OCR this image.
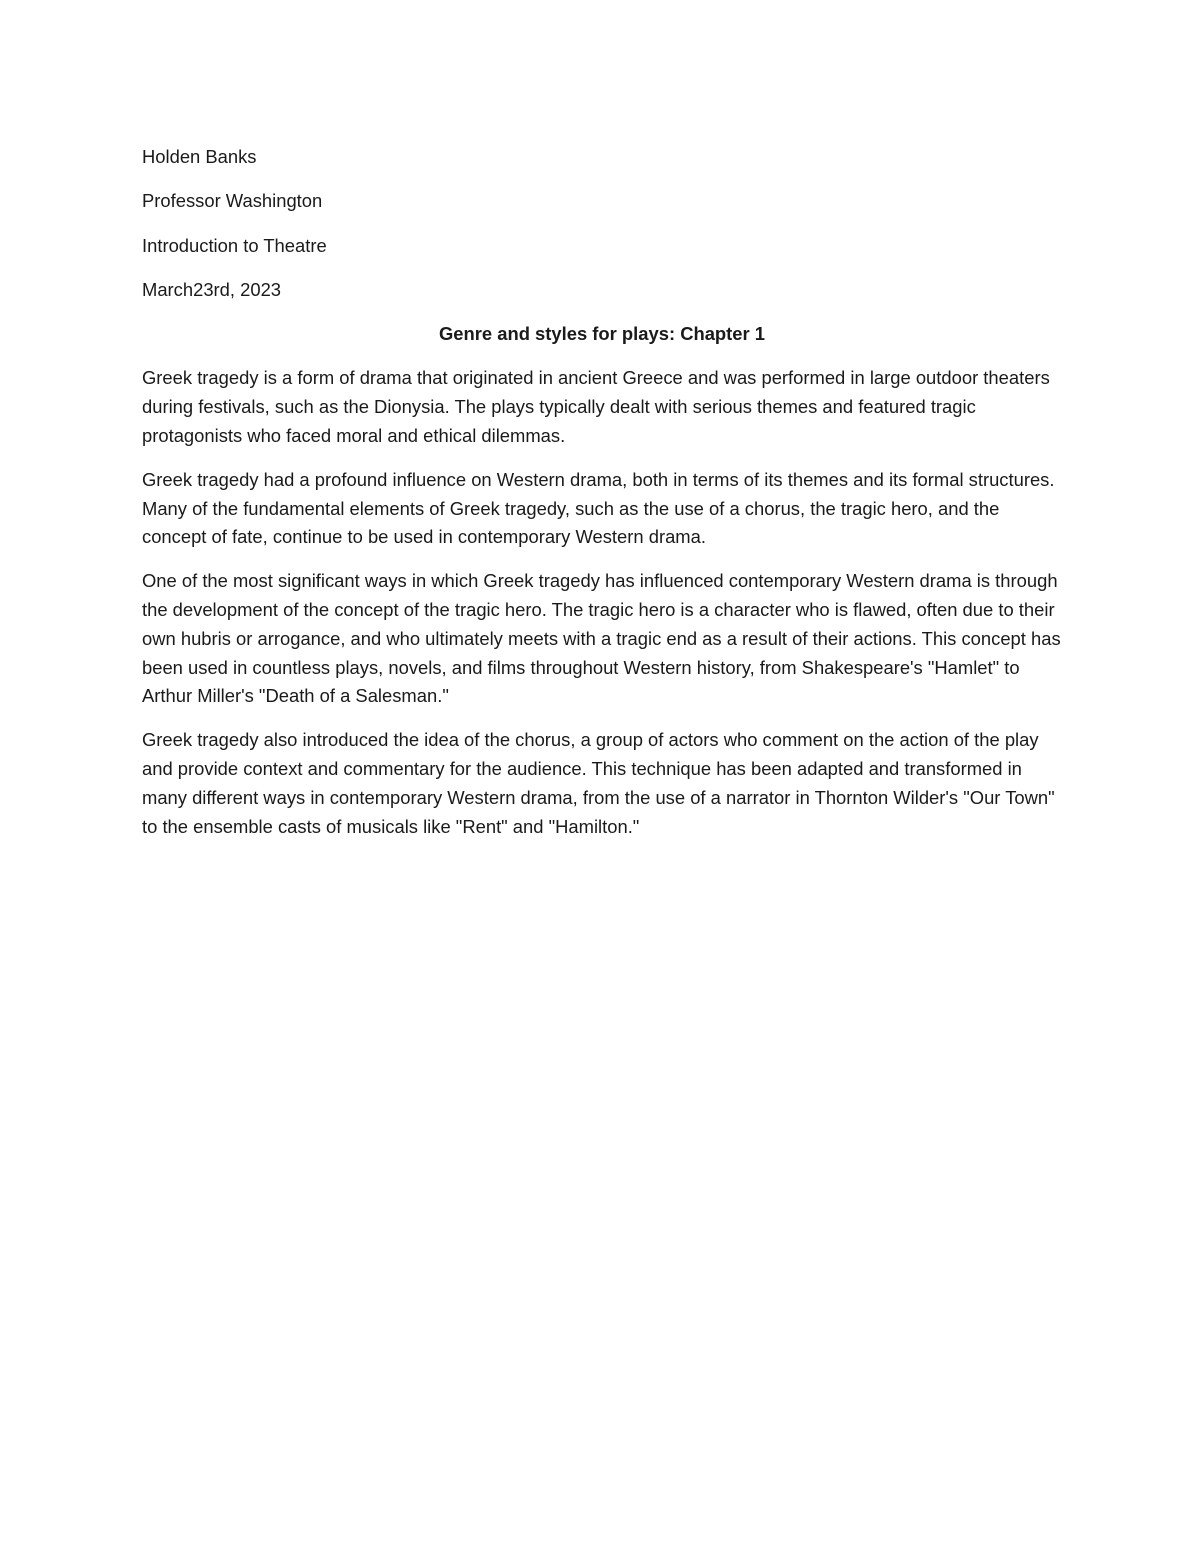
Holden Banks

Professor Washington

Introduction to Theatre

March23rd, 2023

Genre and styles for plays: Chapter 1

Greek tragedy is a form of drama that originated in ancient Greece and was performed in large outdoor theaters during festivals, such as the Dionysia. The plays typically dealt with serious themes and featured tragic protagonists who faced moral and ethical dilemmas.

Greek tragedy had a profound influence on Western drama, both in terms of its themes and its formal structures. Many of the fundamental elements of Greek tragedy, such as the use of a chorus, the tragic hero, and the concept of fate, continue to be used in contemporary Western drama.

One of the most significant ways in which Greek tragedy has influenced contemporary Western drama is through the development of the concept of the tragic hero. The tragic hero is a character who is flawed, often due to their own hubris or arrogance, and who ultimately meets with a tragic end as a result of their actions. This concept has been used in countless plays, novels, and films throughout Western history, from Shakespeare's "Hamlet" to Arthur Miller's "Death of a Salesman."

Greek tragedy also introduced the idea of the chorus, a group of actors who comment on the action of the play and provide context and commentary for the audience. This technique has been adapted and transformed in many different ways in contemporary Western drama, from the use of a narrator in Thornton Wilder's "Our Town" to the ensemble casts of musicals like "Rent" and "Hamilton."
